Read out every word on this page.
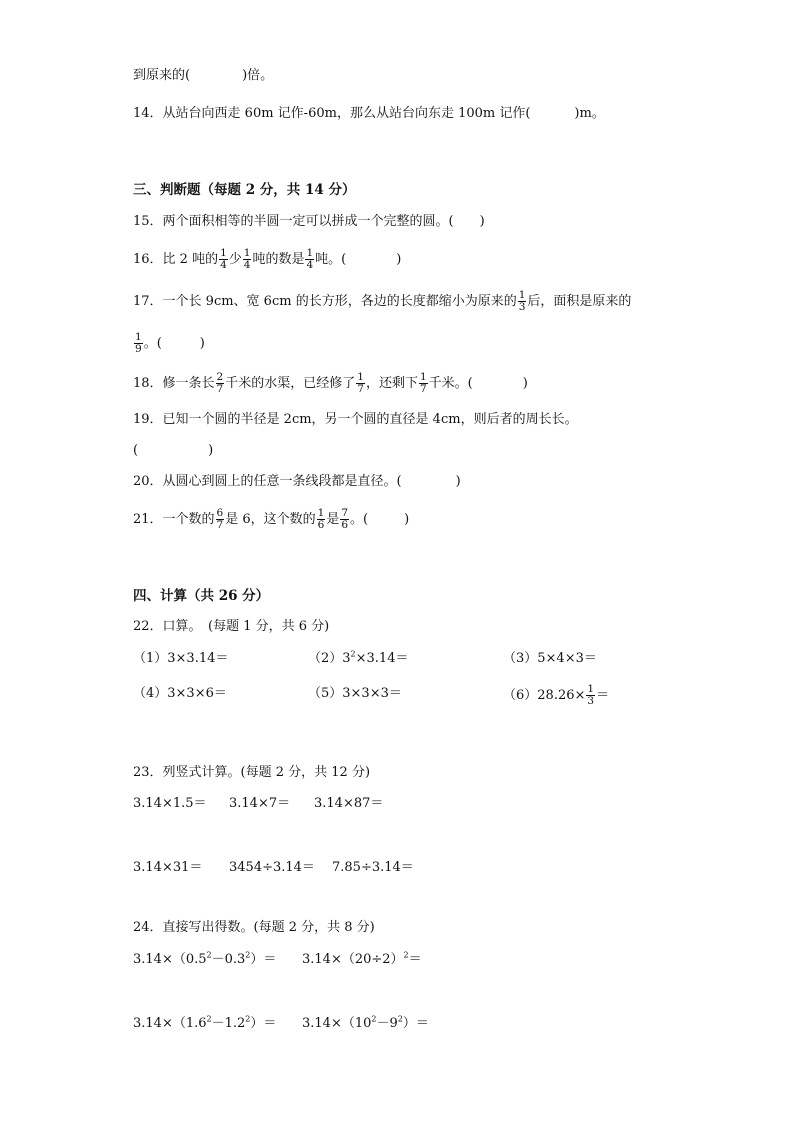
到原来的(	)倍。
14．从站台向西走 60m 记作-60m，那么从站台向东走 100m 记作(	)m。
三、判断题（每题 2 分，共 14 分）
15．两个面积相等的半圆一定可以拼成一个完整的圆。(　　)
16．比 2 吨的 $\frac{1}{4}$ 少 $\frac{1}{4}$ 吨的数是 $\frac{1}{4}$ 吨。(	)
17．一个长 9cm、宽 6cm 的长方形，各边的长度都缩小为原来的 $\frac{1}{3}$ 后，面积是原来的
$\frac{1}{9}$ 。(	)
18．修一条长 $\frac{2}{7}$ 千米的水渠，已经修了 $\frac{1}{7}$ ，还剩下 $\frac{1}{7}$ 千米。(	)
19．已知一个圆的半径是 2cm，另一个圆的直径是 4cm，则后者的周长长。
(	)
20．从圆心到圆上的任意一条线段都是直径。(	)
21．一个数的 $\frac{6}{7}$ 是 6，这个数的 $\frac{1}{6}$ 是 $\frac{7}{6}$ 。(	)
四、计算（共 26 分）
22．口算。　(每题 1 分，共 6 分)
（1）3×3.14＝	$(2)3^2\times 3.14=$	（3）5×4×3＝
（4）3×3×6＝	（5）3×3×3＝	$(6)28.26\times \frac{1}{3}$ ＝
23．列竖式计算。(每题 2 分，共 12 分)
3.14×1.5＝ 3.14×7＝ 3.14×87＝
3.14×31＝ 3454÷3.14＝ 7.85÷3.14＝
24．直接写出得数。(每题 2 分，共 8 分)
$3.14\times(0.5^2-0.3^2)= 3.14\times(20\div 2)^2=$
$3.14\times(1.6^2-1.2^2)= 3.14\times(10^2-9^2)=$
